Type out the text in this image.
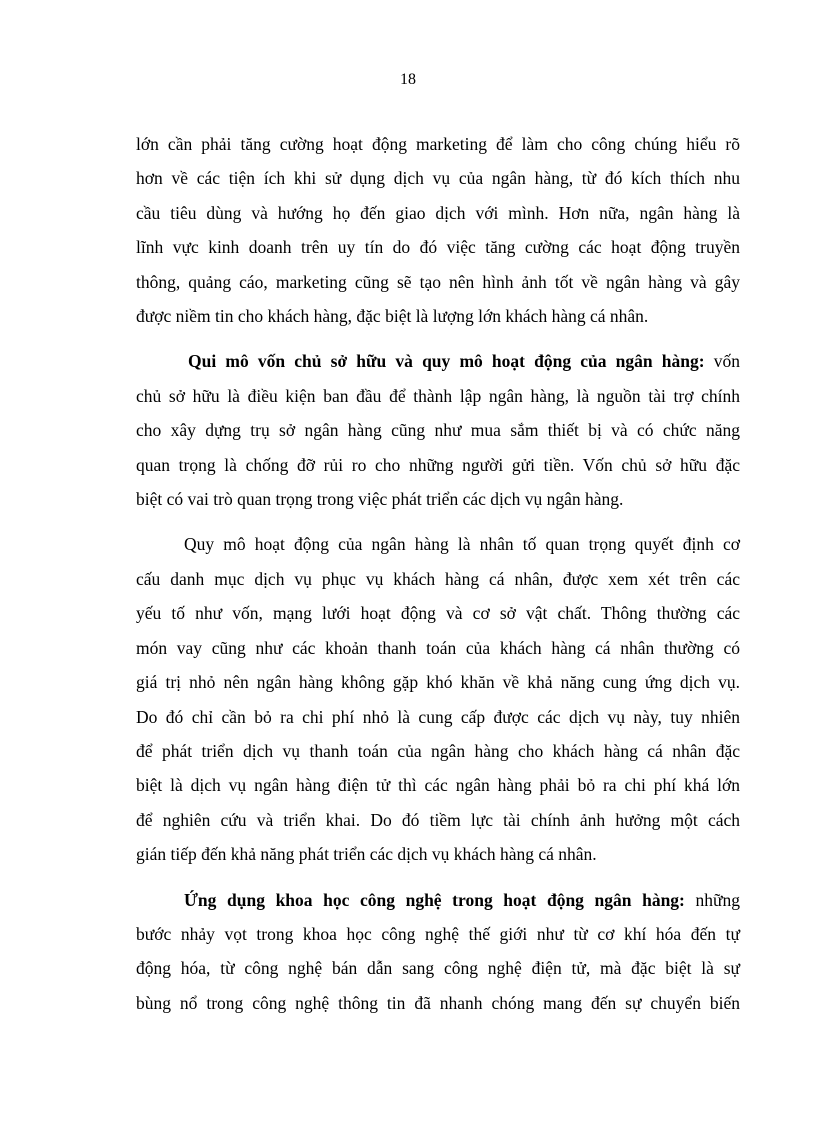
18
lớn cần phải tăng cường hoạt động marketing để làm cho công chúng hiểu rõ
hơn về các tiện ích khi sử dụng dịch vụ của ngân hàng, từ đó kích thích nhu
cầu tiêu dùng và hướng họ đến giao dịch với mình. Hơn nữa, ngân hàng là
lĩnh vực kinh doanh trên uy tín do đó việc tăng cường các hoạt động truyền
thông, quảng cáo, marketing cũng sẽ tạo nên hình ảnh tốt về ngân hàng và gây
được niềm tin cho khách hàng, đặc biệt là lượng lớn khách hàng cá nhân.
Qui mô vốn chủ sở hữu và quy mô hoạt động của ngân hàng: vốn
chủ sở hữu là điều kiện ban đầu để thành lập ngân hàng, là nguồn tài trợ chính
cho xây dựng trụ sở ngân hàng cũng như mua sắm thiết bị và có chức năng
quan trọng là chống đỡ rủi ro cho những người gửi tiền. Vốn chủ sở hữu đặc
biệt có vai trò quan trọng trong việc phát triển các dịch vụ ngân hàng.
Quy mô hoạt động của ngân hàng là nhân tố quan trọng quyết định cơ
cấu danh mục dịch vụ phục vụ khách hàng cá nhân, được xem xét trên các
yếu tố như vốn, mạng lưới hoạt động và cơ sở vật chất. Thông thường các
món vay cũng như các khoản thanh toán của khách hàng cá nhân thường có
giá trị nhỏ nên ngân hàng không gặp khó khăn về khả năng cung ứng dịch vụ.
Do đó chỉ cần bỏ ra chi phí nhỏ là cung cấp được các dịch vụ này, tuy nhiên
để phát triển dịch vụ thanh toán của ngân hàng cho khách hàng cá nhân đặc
biệt là dịch vụ ngân hàng điện tử thì các ngân hàng phải bỏ ra chi phí khá lớn
để nghiên cứu và triển khai. Do đó tiềm lực tài chính ảnh hưởng một cách
gián tiếp đến khả năng phát triển các dịch vụ khách hàng cá nhân.
Ứng dụng khoa học công nghệ trong hoạt động ngân hàng: những
bước nhảy vọt trong khoa học công nghệ thế giới như từ cơ khí hóa đến tự
động hóa, từ công nghệ bán dẫn sang công nghệ điện tử, mà đặc biệt là sự
bùng nổ trong công nghệ thông tin đã nhanh chóng mang đến sự chuyển biến
